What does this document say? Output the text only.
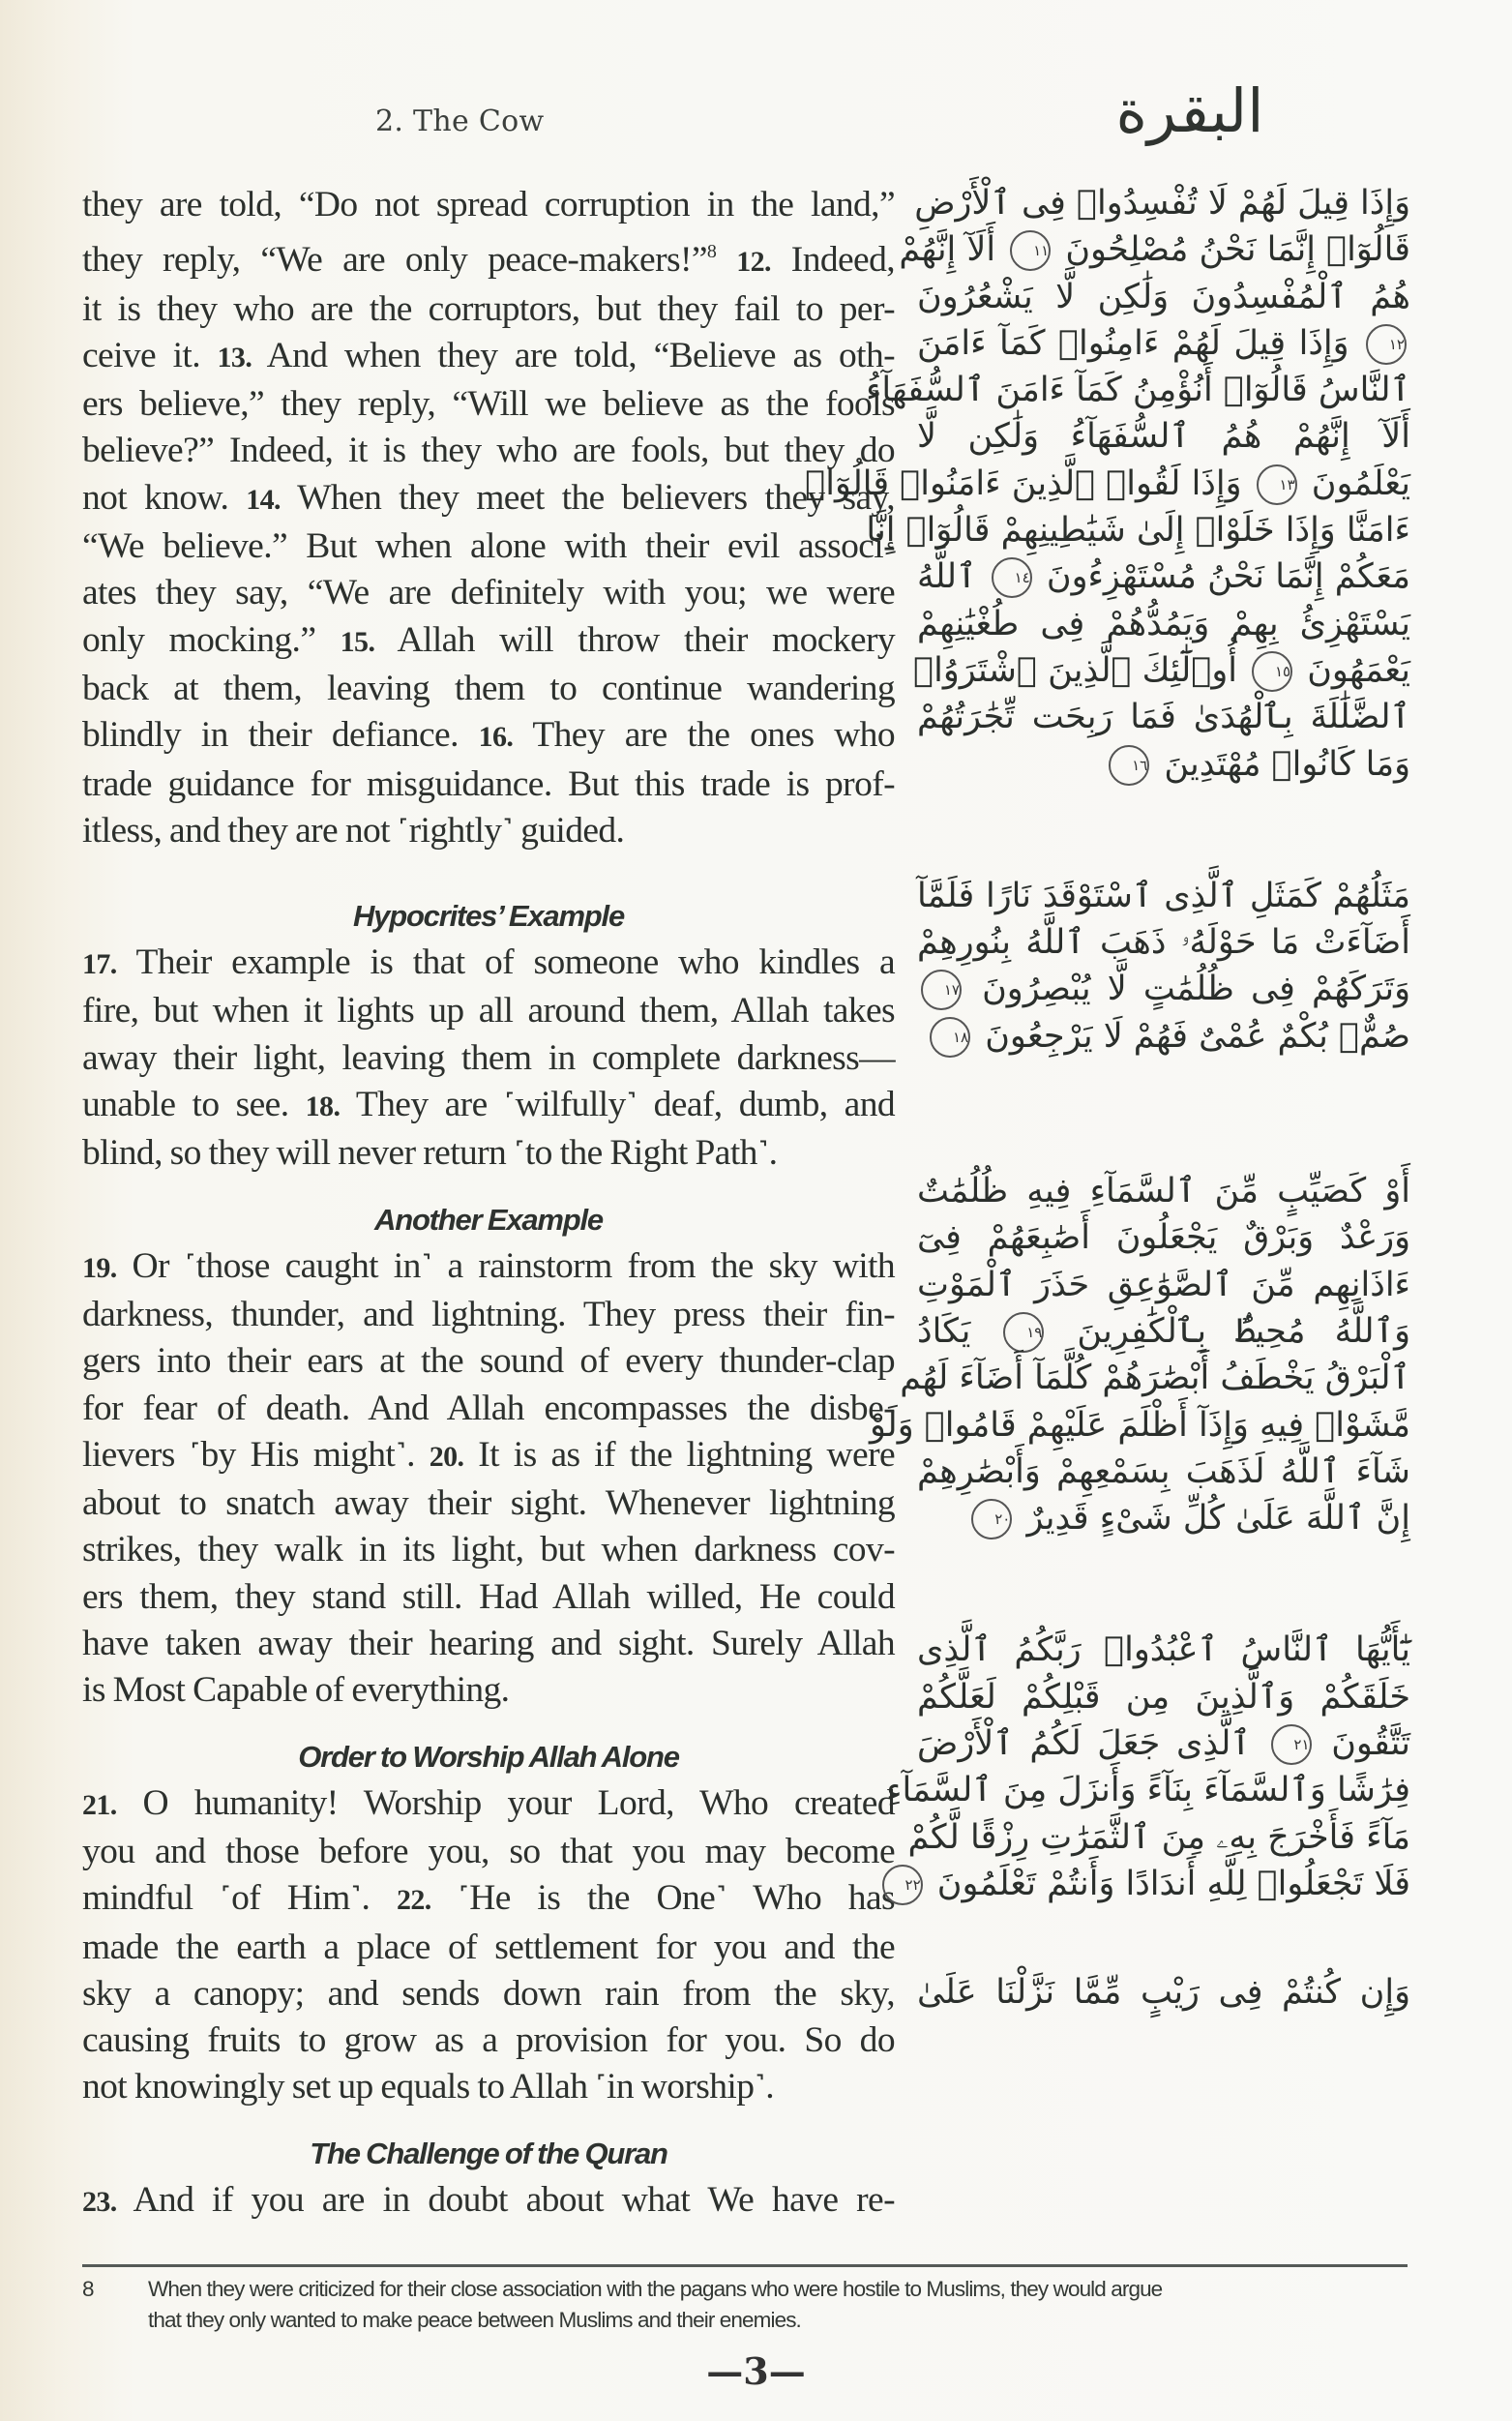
2. The Cow	البقرة
they are told, “Do not spread corruption in the land,”
they reply, “We are only peace-makers!”$^8$ 12. Indeed,
it is they who are the corruptors, but they fail to per-
ceive it. 13. And when they are told, “Believe as oth-
ers believe,” they reply, “Will we believe as the fools
believe?” Indeed, it is they who are fools, but they do
not know. 14. When they meet the believers they say,
“We believe.” But when alone with their evil associ-
ates they say, “We are definitely with you; we were
only mocking.” 15. Allah will throw their mockery
back at them, leaving them to continue wandering
blindly in their defiance. 16. They are the ones who
trade guidance for misguidance. But this trade is prof-
itless, and they are not ˹rightly˺ guided.
Hypocrites’ Example
17. Their example is that of someone who kindles a
fire, but when it lights up all around them, Allah takes
away their light, leaving them in complete darkness—
unable to see. 18. They are ˹wilfully˺ deaf, dumb, and
blind, so they will never return ˹to the Right Path˺.
Another Example
19. Or ˹those caught in˺ a rainstorm from the sky with
darkness, thunder, and lightning. They press their fin-
gers into their ears at the sound of every thunder-clap
for fear of death. And Allah encompasses the disbe-
lievers ˹by His might˺. 20. It is as if the lightning were
about to snatch away their sight. Whenever lightning
strikes, they walk in its light, but when darkness cov-
ers them, they stand still. Had Allah willed, He could
have taken away their hearing and sight. Surely Allah
is Most Capable of everything.
Order to Worship Allah Alone
21. O humanity! Worship your Lord, Who created
you and those before you, so that you may become
mindful ˹of Him˺. 22. ˹He is the One˺ Who has
made the earth a place of settlement for you and the
sky a canopy; and sends down rain from the sky,
causing fruits to grow as a provision for you. So do
not knowingly set up equals to Allah ˹in worship˺.
The Challenge of the Quran
23. And if you are in doubt about what We have re-
وَإِذَا قِيلَ لَهُمْ لَا تُفْسِدُوا۟ فِى ٱلْأَرْضِ
قَالُوٓا۟ إِنَّمَا نَحْنُ مُصْلِحُونَ ١١ أَلَآ إِنَّهُمْ
هُمُ ٱلْمُفْسِدُونَ وَلَٰكِن لَّا يَشْعُرُونَ
١٢ وَإِذَا قِيلَ لَهُمْ ءَامِنُوا۟ كَمَآ ءَامَنَ
ٱلنَّاسُ قَالُوٓا۟ أَنُؤْمِنُ كَمَآ ءَامَنَ ٱلسُّفَهَآءُ
أَلَآ إِنَّهُمْ هُمُ ٱلسُّفَهَآءُ وَلَٰكِن لَّا
يَعْلَمُونَ ١٣ وَإِذَا لَقُوا۟ ٱلَّذِينَ ءَامَنُوا۟ قَالُوٓا۟
ءَامَنَّا وَإِذَا خَلَوْا۟ إِلَىٰ شَيَٰطِينِهِمْ قَالُوٓا۟ إِنَّا
مَعَكُمْ إِنَّمَا نَحْنُ مُسْتَهْزِءُونَ ١٤ ٱللَّهُ
يَسْتَهْزِئُ بِهِمْ وَيَمُدُّهُمْ فِى طُغْيَٰنِهِمْ
يَعْمَهُونَ ١٥ أُو۟لَٰٓئِكَ ٱلَّذِينَ ٱشْتَرَوُا۟
ٱلضَّلَٰلَةَ بِٱلْهُدَىٰ فَمَا رَبِحَت تِّجَٰرَتُهُمْ
وَمَا كَانُوا۟ مُهْتَدِينَ ١٦
مَثَلُهُمْ كَمَثَلِ ٱلَّذِى ٱسْتَوْقَدَ نَارًا فَلَمَّآ
أَضَآءَتْ مَا حَوْلَهُۥ ذَهَبَ ٱللَّهُ بِنُورِهِمْ
وَتَرَكَهُمْ فِى ظُلُمَٰتٍ لَّا يُبْصِرُونَ ١٧
صُمٌّۢ بُكْمٌ عُمْىٌ فَهُمْ لَا يَرْجِعُونَ ١٨
أَوْ كَصَيِّبٍ مِّنَ ٱلسَّمَآءِ فِيهِ ظُلُمَٰتٌ
وَرَعْدٌ وَبَرْقٌ يَجْعَلُونَ أَصَٰبِعَهُمْ فِىٓ
ءَاذَانِهِم مِّنَ ٱلصَّوَٰعِقِ حَذَرَ ٱلْمَوْتِ
وَٱللَّهُ مُحِيطٌۢ بِٱلْكَٰفِرِينَ ١٩ يَكَادُ
ٱلْبَرْقُ يَخْطَفُ أَبْصَٰرَهُمْ كُلَّمَآ أَضَآءَ لَهُم
مَّشَوْا۟ فِيهِ وَإِذَآ أَظْلَمَ عَلَيْهِمْ قَامُوا۟ وَلَوْ
شَآءَ ٱللَّهُ لَذَهَبَ بِسَمْعِهِمْ وَأَبْصَٰرِهِمْ
إِنَّ ٱللَّهَ عَلَىٰ كُلِّ شَىْءٍ قَدِيرٌ ٢٠
يَٰٓأَيُّهَا ٱلنَّاسُ ٱعْبُدُوا۟ رَبَّكُمُ ٱلَّذِى
خَلَقَكُمْ وَٱلَّذِينَ مِن قَبْلِكُمْ لَعَلَّكُمْ
تَتَّقُونَ ٢١ ٱلَّذِى جَعَلَ لَكُمُ ٱلْأَرْضَ
فِرَٰشًا وَٱلسَّمَآءَ بِنَآءً وَأَنزَلَ مِنَ ٱلسَّمَآءِ
مَآءً فَأَخْرَجَ بِهِۦ مِنَ ٱلثَّمَرَٰتِ رِزْقًا لَّكُمْ
فَلَا تَجْعَلُوا۟ لِلَّهِ أَندَادًا وَأَنتُمْ تَعْلَمُونَ ٢٢
وَإِن كُنتُمْ فِى رَيْبٍ مِّمَّا نَزَّلْنَا عَلَىٰ
8	When they were criticized for their close association with the pagans who were hostile to Muslims, they would argue
that they only wanted to make peace between Muslims and their enemies.
—3—
